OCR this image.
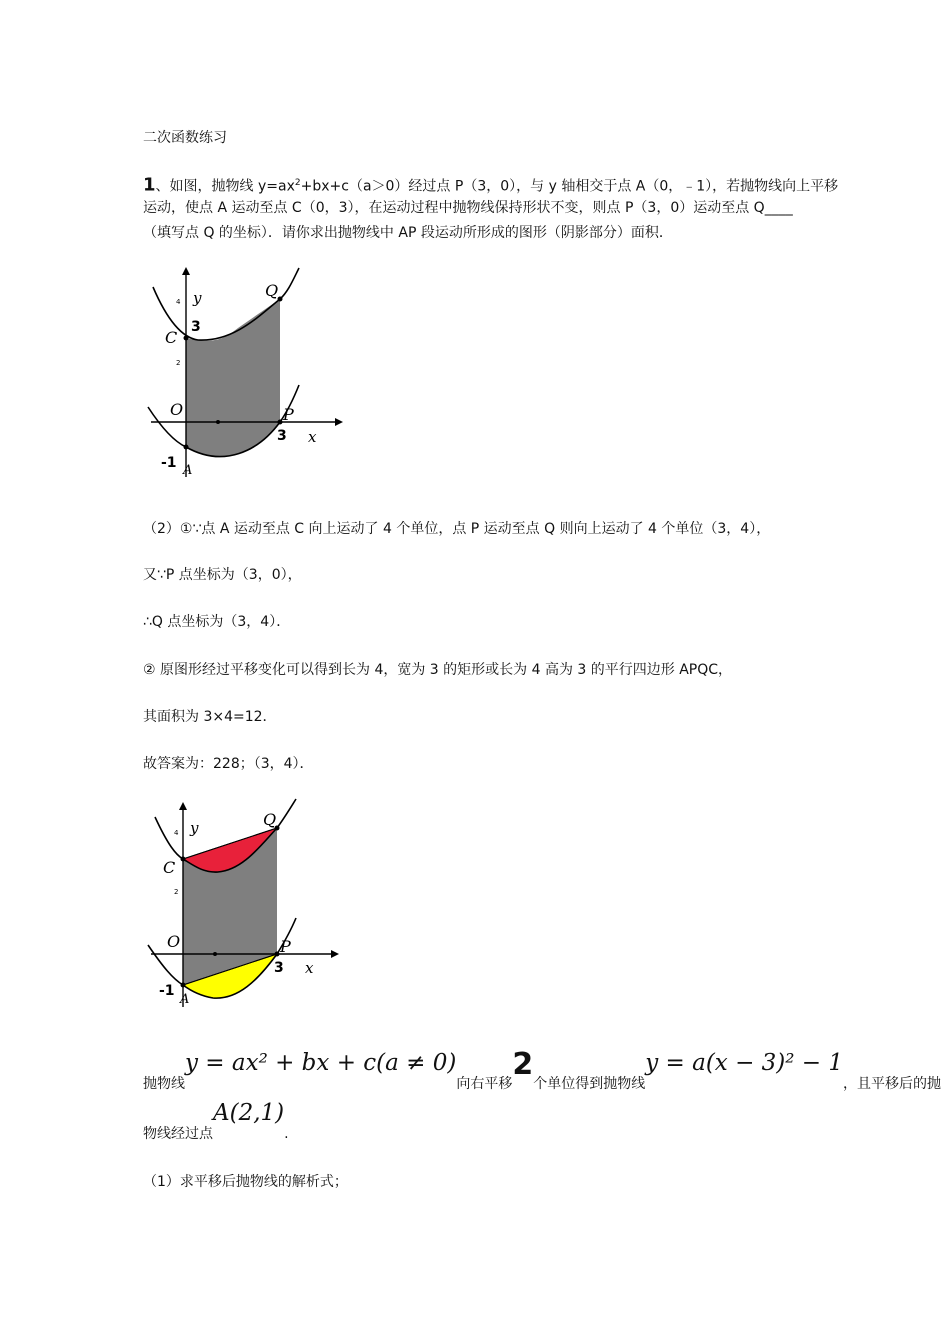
二次函数练习
1、如图，抛物线 $y=ax^2+bx+c(a>0)$经过点 P（3，0），与 y 轴相交于点 A（0，﹣1），若抛物线向上平移
运动，使点 A 运动至点 C（0，3），在运动过程中抛物线保持形状不变，则点 P（3，0）运动至点 Q____
（填写点 Q 的坐标）．请你求出抛物线中 AP 段运动所形成的图形（阴影部分）面积．
y
4
2
C
3
Q
O	P
3 x
-1 A
（2）①∵点 A 运动至点 C 向上运动了 4 个单位，点 P 运动至点 Q 则向上运动了 4 个单位（3，4），
又∵P 点坐标为（3，0），
∴Q 点坐标为（3，4）．
② 原图形经过平移变化可以得到长为 4，宽为 3 的矩形或长为 4 高为 3 的平行四边形 APQC，
其面积为 3×4=12．
故答案为：228；（3，4）．
y
4
2
C
Q
O	P
3 x
-1
A
抛物线y = ax² + bx + c(a ≠ 0)向右平移2个单位得到抛物线y = a(x − 3)² − 1，且平移后的抛
物线经过点A(2,1).
（1）求平移后抛物线的解析式；
